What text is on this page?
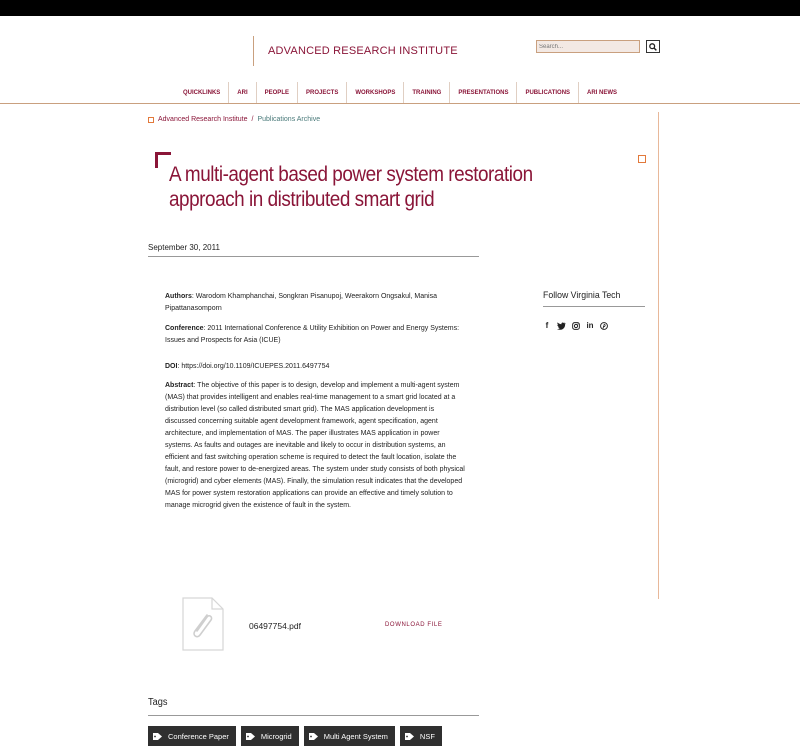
ADVANCED RESEARCH INSTITUTE
Search...
QUICKLINKS	ARI	PEOPLE	PROJECTS	WORKSHOPS	TRAINING	PRESENTATIONS	PUBLICATIONS	ARI NEWS
Advanced Research Institute / Publications Archive
A multi-agent based power system restoration approach in distributed smart grid
September 30, 2011

Authors: Warodom Khamphanchai, Songkran Pisanupoj, Weerakorn Ongsakul, Manisa Pipattanasomporn

Conference: 2011 International Conference & Utility Exhibition on Power and Energy Systems: Issues and Prospects for Asia (ICUE)

DOI: https://doi.org/10.1109/ICUEPES.2011.6497754

Abstract: The objective of this paper is to design, develop and implement a multi-agent system (MAS) that provides intelligent and enables real-time management to a smart grid located at a distribution level (so called distributed smart grid). The MAS application development is discussed concerning suitable agent development framework, agent specification, agent architecture, and implementation of MAS. The paper illustrates MAS application in power systems. As faults and outages are inevitable and likely to occur in distribution systems, an efficient and fast switching operation scheme is required to detect the fault location, isolate the fault, and restore power to de-energized areas. The system under study consists of both physical (microgrid) and cyber elements (MAS). Finally, the simulation result indicates that the developed MAS for power system restoration applications can provide an effective and timely solution to manage microgrid given the existence of fault in the system.

Follow Virginia Tech
f	in
06497754.pdf	DOWNLOAD FILE
Tags
Conference Paper	Microgrid	Multi Agent System	NSF
